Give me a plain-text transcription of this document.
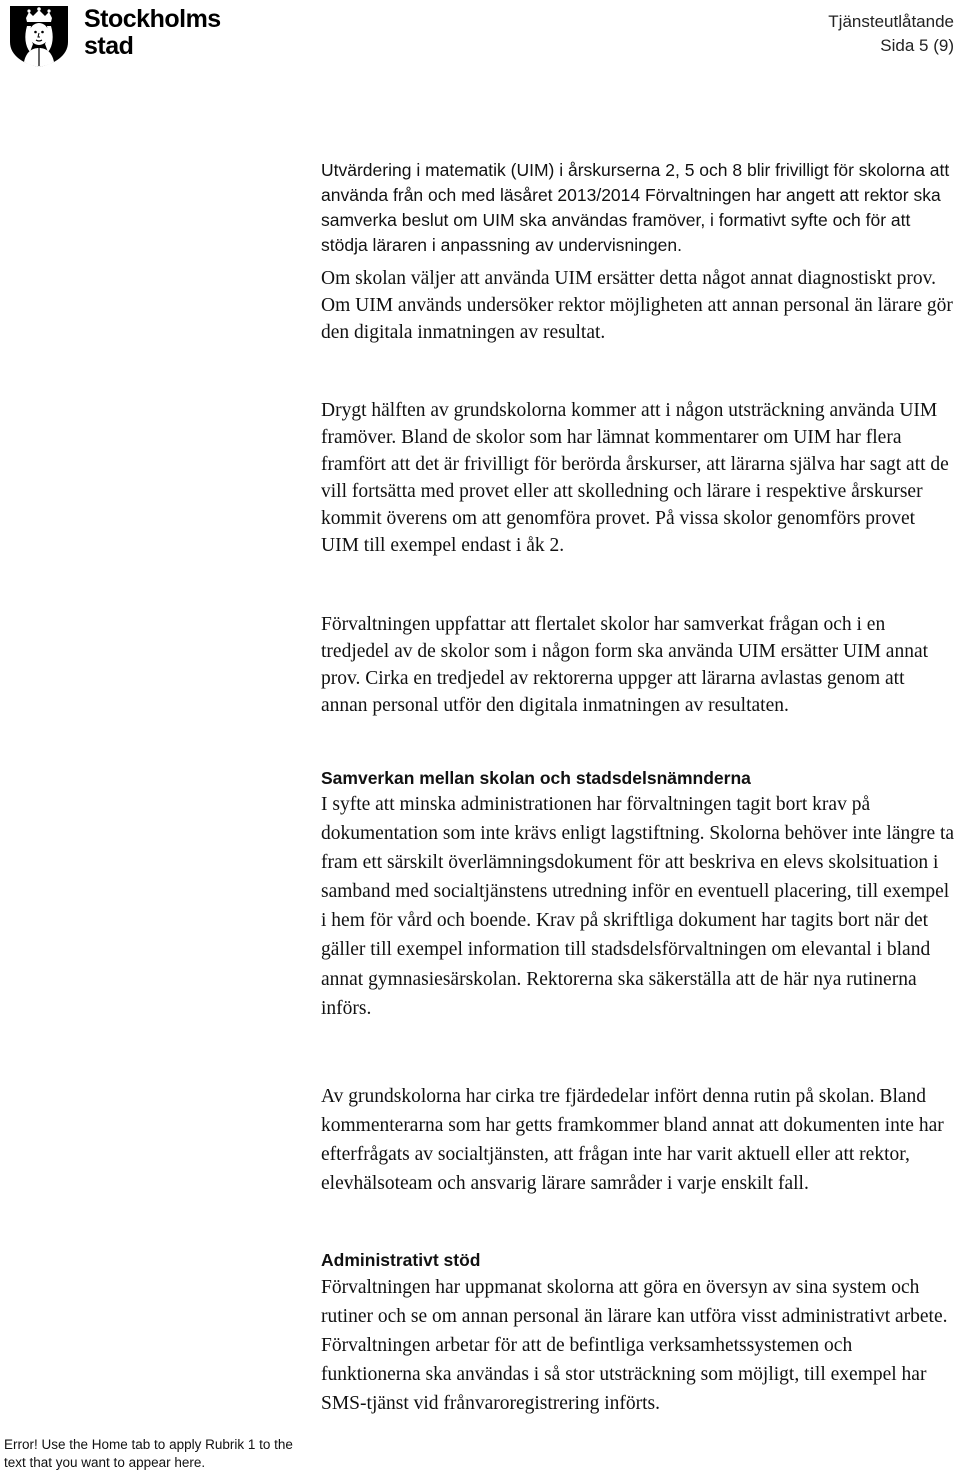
Stockholms
stad
Tjänsteutlåtande
Sida 5 (9)

Utvärdering i matematik (UIM) i årskurserna 2, 5 och 8 blir frivilligt för skolorna att använda från och med läsåret 2013/2014 Förvaltningen har angett att rektor ska samverka beslut om UIM ska användas framöver, i formativt syfte och för att stödja läraren i anpassning av undervisningen.

Om skolan väljer att använda UIM ersätter detta något annat diagnostiskt prov. Om UIM används undersöker rektor möjligheten att annan personal än lärare gör den digitala inmatningen av resultat.

Drygt hälften av grundskolorna kommer att i någon utsträckning använda UIM framöver. Bland de skolor som har lämnat kommentarer om UIM har flera framfört att det är frivilligt för berörda årskurser, att lärarna själva har sagt att de vill fortsätta med provet eller att skolledning och lärare i respektive årskurser kommit överens om att genomföra provet. På vissa skolor genomförs provet UIM till exempel endast i åk 2.

Förvaltningen uppfattar att flertalet skolor har samverkat frågan och i en tredjedel av de skolor som i någon form ska använda UIM ersätter UIM annat prov. Cirka en tredjedel av rektorerna uppger att lärarna avlastas genom att annan personal utför den digitala inmatningen av resultaten.

Samverkan mellan skolan och stadsdelsnämnderna

I syfte att minska administrationen har förvaltningen tagit bort krav på dokumentation som inte krävs enligt lagstiftning. Skolorna behöver inte längre ta fram ett särskilt överlämningsdokument för att beskriva en elevs skolsituation i samband med socialtjänstens utredning inför en eventuell placering, till exempel i hem för vård och boende. Krav på skriftliga dokument har tagits bort när det gäller till exempel information till stadsdelsförvaltningen om elevantal i bland annat gymnasiesärskolan. Rektorerna ska säkerställa att de här nya rutinerna införs.

Av grundskolorna har cirka tre fjärdedelar infört denna rutin på skolan. Bland kommenterarna som har getts framkommer bland annat att dokumenten inte har efterfrågats av socialtjänsten, att frågan inte har varit aktuell eller att rektor, elevhälsoteam och ansvarig lärare samråder i varje enskilt fall.

Administrativt stöd

Förvaltningen har uppmanat skolorna att göra en översyn av sina system och rutiner och se om annan personal än lärare kan utföra visst administrativt arbete. Förvaltningen arbetar för att de befintliga verksamhetssystemen och funktionerna ska användas i så stor utsträckning som möjligt, till exempel har SMS-tjänst vid frånvaroregistrering införts.

Error! Use the Home tab to apply Rubrik 1 to the text that you want to appear here.
